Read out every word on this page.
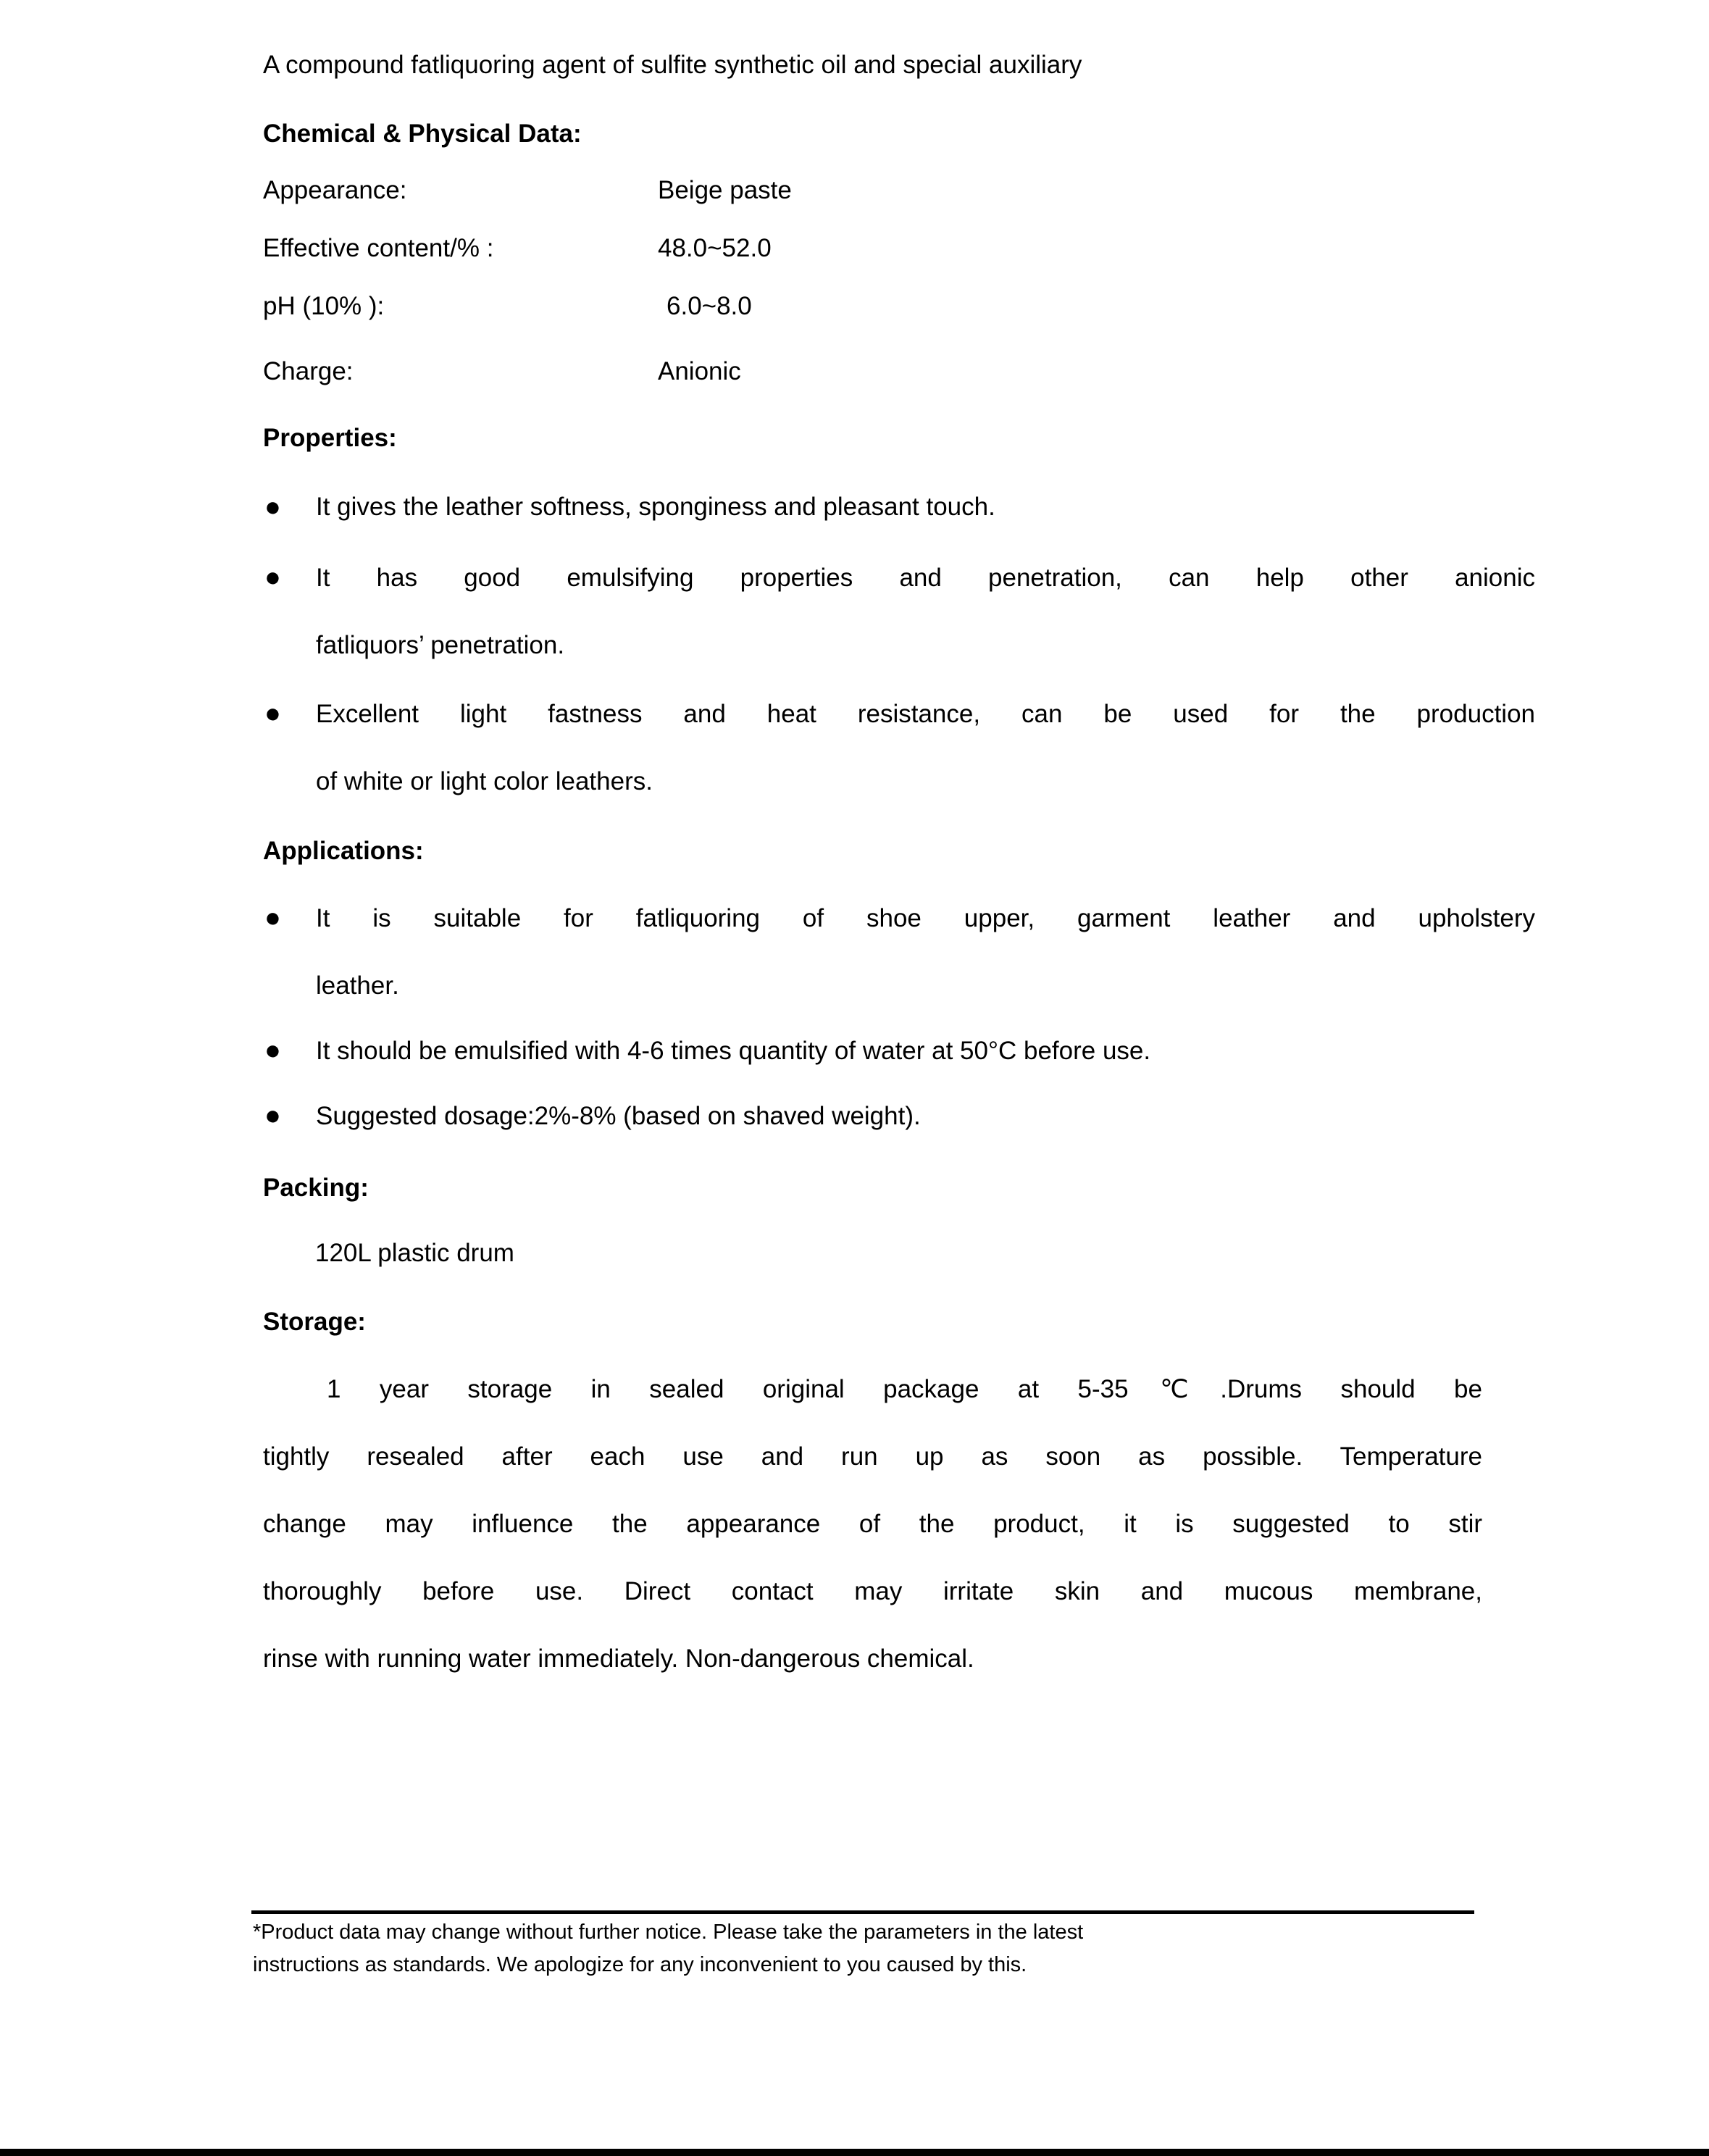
A compound fatliquoring agent of sulfite synthetic oil and special auxiliary
Chemical & Physical Data:
Appearance:	Beige paste
Effective content/% :	48.0~52.0
pH (10% ):	6.0~8.0
Charge:	Anionic
Properties:
● It gives the leather softness, sponginess and pleasant touch.
● It has good emulsifying properties and penetration, can help other anionic
fatliquors’ penetration.
● Excellent light fastness and heat resistance, can be used for the production
of white or light color leathers.
Applications:
● It is suitable for fatliquoring of shoe upper, garment leather and upholstery
leather.
● It should be emulsified with 4-6 times quantity of water at 50°C before use.
● Suggested dosage:2%-8% (based on shaved weight).
Packing:
120L plastic drum
Storage:
1 year storage in sealed original package at 5-35℃.Drums should be
tightly resealed after each use and run up as soon as possible. Temperature
change may influence the appearance of the product, it is suggested to stir
thoroughly before use. Direct contact may irritate skin and mucous membrane,
rinse with running water immediately. Non-dangerous chemical.
*Product data may change without further notice. Please take the parameters in the latest
instructions as standards. We apologize for any inconvenient to you caused by this.
